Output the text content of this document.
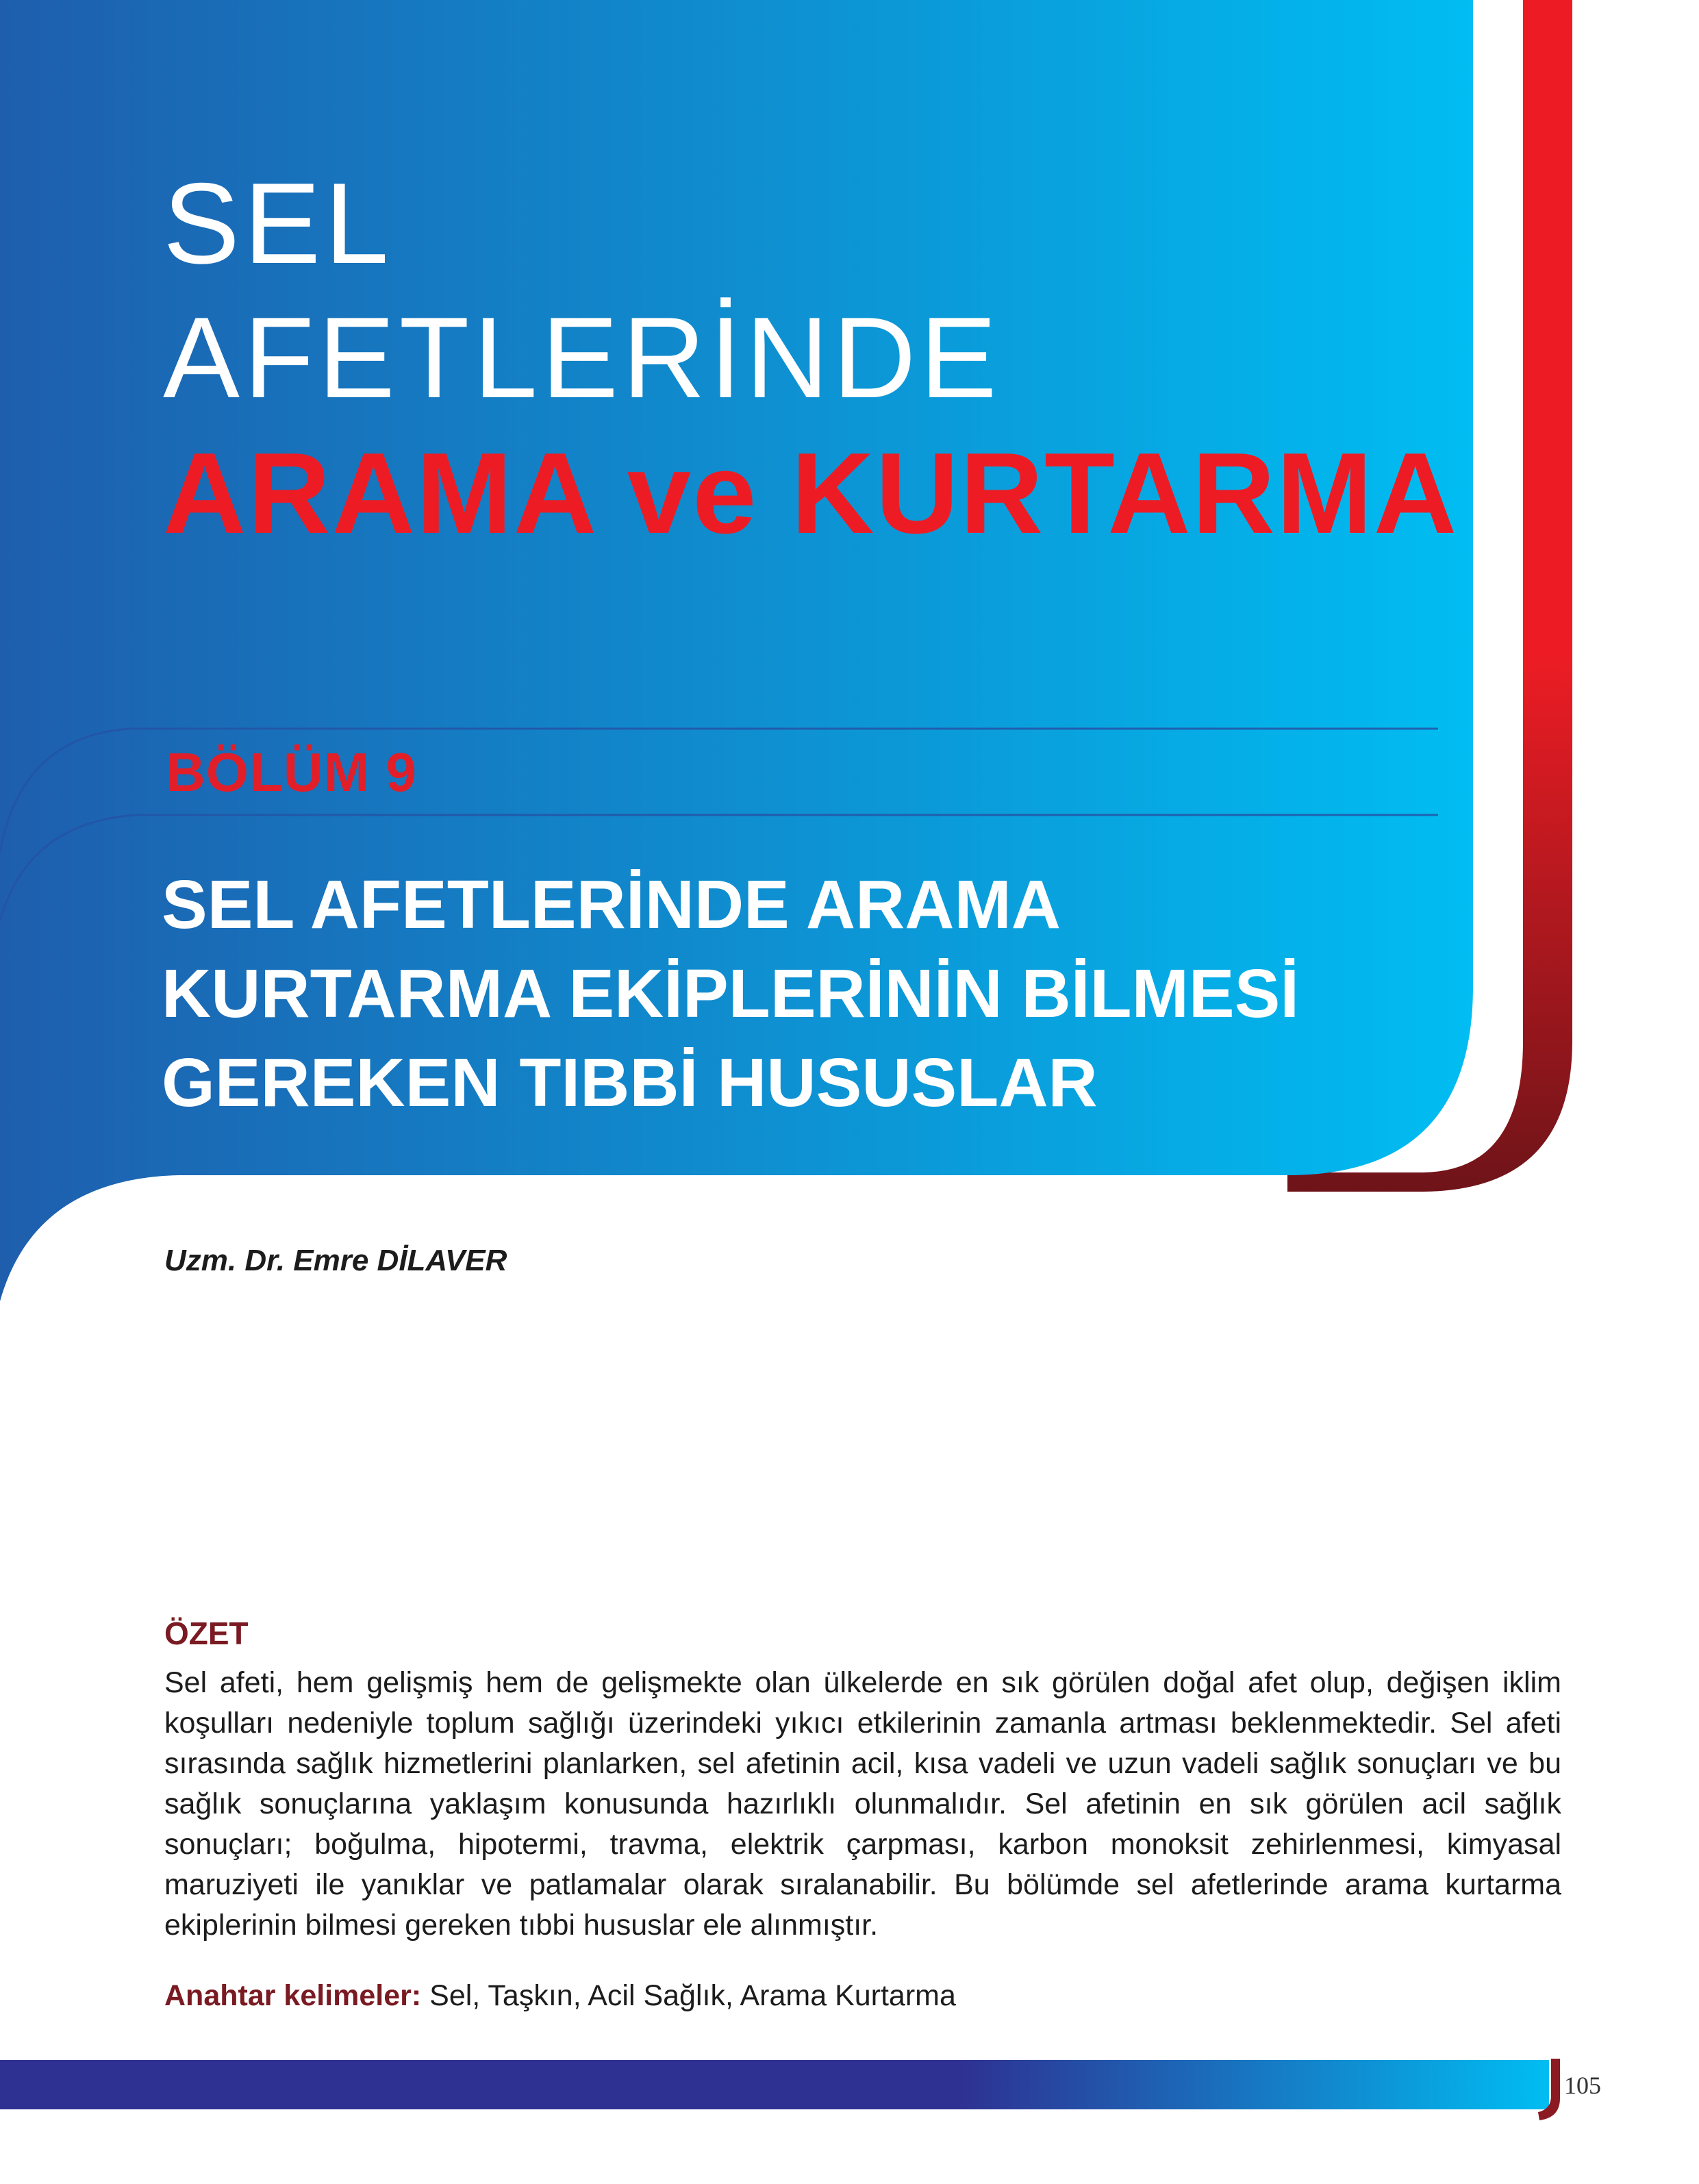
SEL
AFETLERİNDE
ARAMA ve KURTARMA
BÖLÜM 9
SEL AFETLERİNDE ARAMA
KURTARMA EKİPLERİNİN BİLMESİ
GEREKEN TIBBİ HUSUSLAR
Uzm. Dr. Emre DİLAVER
ÖZET

Sel afeti, hem gelişmiş hem de gelişmekte olan ülkelerde en sık görülen doğal afet olup, değişen iklim koşulları nedeniyle toplum sağlığı üzerindeki yıkıcı etkilerinin zamanla artması beklenmektedir. Sel afeti sırasında sağlık hizmetlerini planlarken, sel afetinin acil, kısa vadeli ve uzun vadeli sağlık sonuçları ve bu sağlık sonuçlarına yaklaşım konusunda hazırlıklı olunmalıdır. Sel afetinin en sık görülen acil sağlık sonuçları; boğulma, hipotermi, travma, elektrik çarpması, karbon monoksit zehirlenmesi, kimyasal maruziyeti ile yanıklar ve patlamalar olarak sıralanabilir. Bu bölümde sel afetlerinde arama kurtarma ekiplerinin bilmesi gereken tıbbi hususlar ele alınmıştır.

Anahtar kelimeler: Sel, Taşkın, Acil Sağlık, Arama Kurtarma
105
